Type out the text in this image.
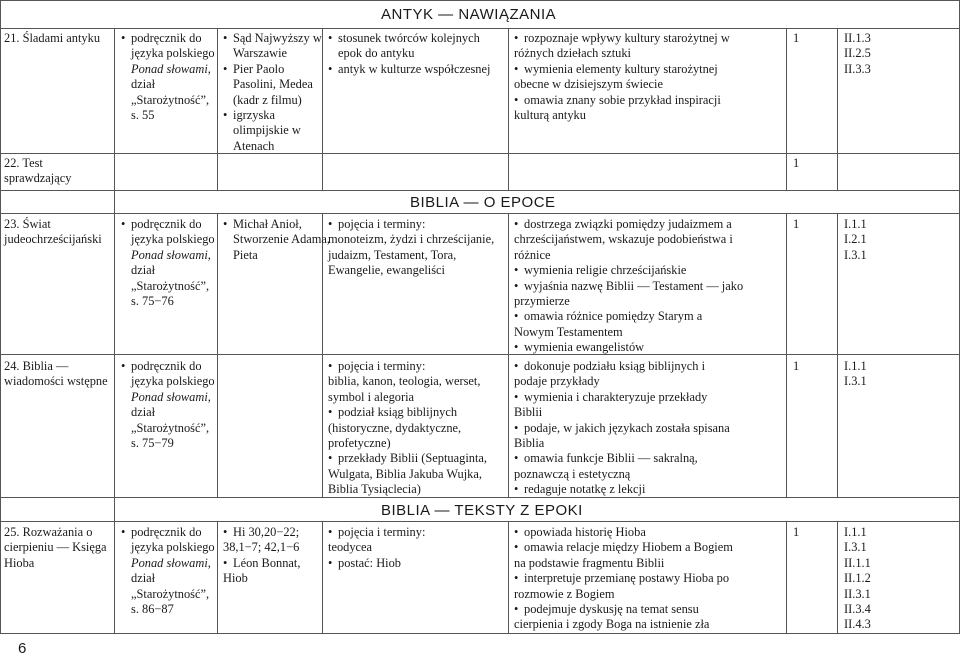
ANTYK — NAWIĄZANIA
BIBLIA — O EPOCE
BIBLIA — TEKSTY Z EPOKI
21. Śladami antyku
•	podręcznik do
języka polskiego
Ponad słowami,
dział
„Starożytność”,
s. 55
• Sąd Najwyższy w
Warszawie
• Pier Paolo
Pasolini, Medea
(kadr z filmu)
• igrzyska
olimpijskie w
Atenach
• stosunek twórców kolejnych
epok do antyku
• antyk w kulturze współczesnej
• rozpoznaje wpływy kultury starożytnej w
różnych dziełach sztuki
• wymienia elementy kultury starożytnej
obecne w dzisiejszym świecie
• omawia znany sobie przykład inspiracji
kulturą antyku
1	II.1.3
II.2.5
II.3.3
22. Test
sprawdzający
1
23. Świat
judeochrześcijański
• podręcznik do
języka polskiego
Ponad słowami,
dział
„Starożytność”,
s. 75−76
• Michał Anioł,
Stworzenie Adama,
Pieta
• pojęcia i terminy:
monoteizm, żydzi i chrześcijanie,
judaizm, Testament, Tora,
Ewangelie, ewangeliści
• dostrzega związki pomiędzy judaizmem a
chrześcijaństwem, wskazuje podobieństwa i
różnice
• wymienia religie chrześcijańskie
• wyjaśnia nazwę Biblii — Testament — jako
przymierze
• omawia różnice pomiędzy Starym a
Nowym Testamentem
• wymienia ewangelistów
1	I.1.1
I.2.1
I.3.1
24. Biblia —
wiadomości wstępne
• podręcznik do
języka polskiego
Ponad słowami,
dział
„Starożytność”,
s. 75−79
• pojęcia i terminy:
biblia, kanon, teologia, werset,
symbol i alegoria
• podział ksiąg biblijnych
(historyczne, dydaktyczne,
profetyczne)
• przekłady Biblii (Septuaginta,
Wulgata, Biblia Jakuba Wujka,
Biblia Tysiąclecia)
• dokonuje podziału ksiąg biblijnych i
podaje przykłady
• wymienia i charakteryzuje przekłady
Biblii
• podaje, w jakich językach została spisana
Biblia
• omawia funkcje Biblii — sakralną,
poznawczą i estetyczną
• redaguje notatkę z lekcji
1	I.1.1
I.3.1
25. Rozważania o
cierpieniu — Księga
Hioba
• podręcznik do
języka polskiego
Ponad słowami,
dział
„Starożytność”,
s. 86−87
• Hi 30,20−22;
38,1−7; 42,1−6
• Léon Bonnat,
Hiob
• pojęcia i terminy:
teodycea
• postać: Hiob
• opowiada historię Hioba
• omawia relacje między Hiobem a Bogiem
na podstawie fragmentu Biblii
• interpretuje przemianę postawy Hioba po
rozmowie z Bogiem
• podejmuje dyskusję na temat sensu
cierpienia i zgody Boga na istnienie zła
1	I.1.1
I.3.1
II.1.1
II.1.2
II.3.1
II.3.4
II.4.3
6
